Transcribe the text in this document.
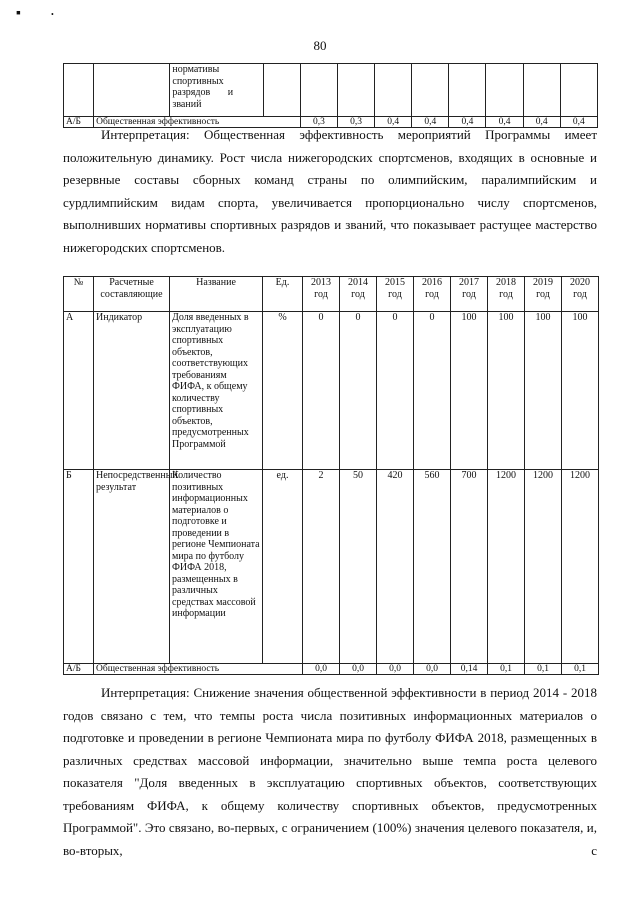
▪	•
80

		нормативы
спортивных
разрядов       и
званий									

А/Б	Общественная эффективность			0,3	0,3	0,4	0,4	0,4	0,4	0,4	0,4

Интерпретация: Общественная эффективность мероприятий Программы имеет положительную динамику. Рост числа нижегородских спортсменов, входящих в основные и резервные составы сборных команд страны по олимпийским, паралимпийским и сурдлимпийским видам спорта, увеличивается пропорционально числу спортсменов, выполнивших нормативы спортивных разрядов и званий, что показывает растущее мастерство нижегородских спортсменов.

№	Расчетные составляющие	Название	Ед.	2013 год	2014 год	2015 год	2016 год	2017 год	2018 год	2019 год	2020 год
А	Индикатор	Доля введенных в эксплуатацию спортивных объектов, соответствующих требованиям ФИФА, к общему количеству спортивных объектов, предусмотренных Программой	%	0	0	0	0	100	100	100	100
Б	Непосредственный результат	Количество позитивных информационных материалов о подготовке и проведении в регионе Чемпионата мира по футболу ФИФА 2018, размещенных в различных средствах массовой информации	ед.	2	50	420	560	700	1200	1200	1200
А/Б	Общественная эффективность			0,0	0,0	0,0	0,0	0,14	0,1	0,1	0,1

Интерпретация: Снижение значения общественной эффективности в период 2014 - 2018 годов связано с тем, что темпы роста числа позитивных информационных материалов о подготовке и проведении в регионе Чемпионата мира по футболу ФИФА 2018, размещенных в различных средствах массовой информации, значительно выше темпа роста целевого показателя "Доля введенных в эксплуатацию спортивных объектов, соответствующих требованиям ФИФА, к общему количеству спортивных объектов, предусмотренных Программой". Это связано, во-первых, с ограничением (100%) значения целевого показателя, и, во-вторых, с
